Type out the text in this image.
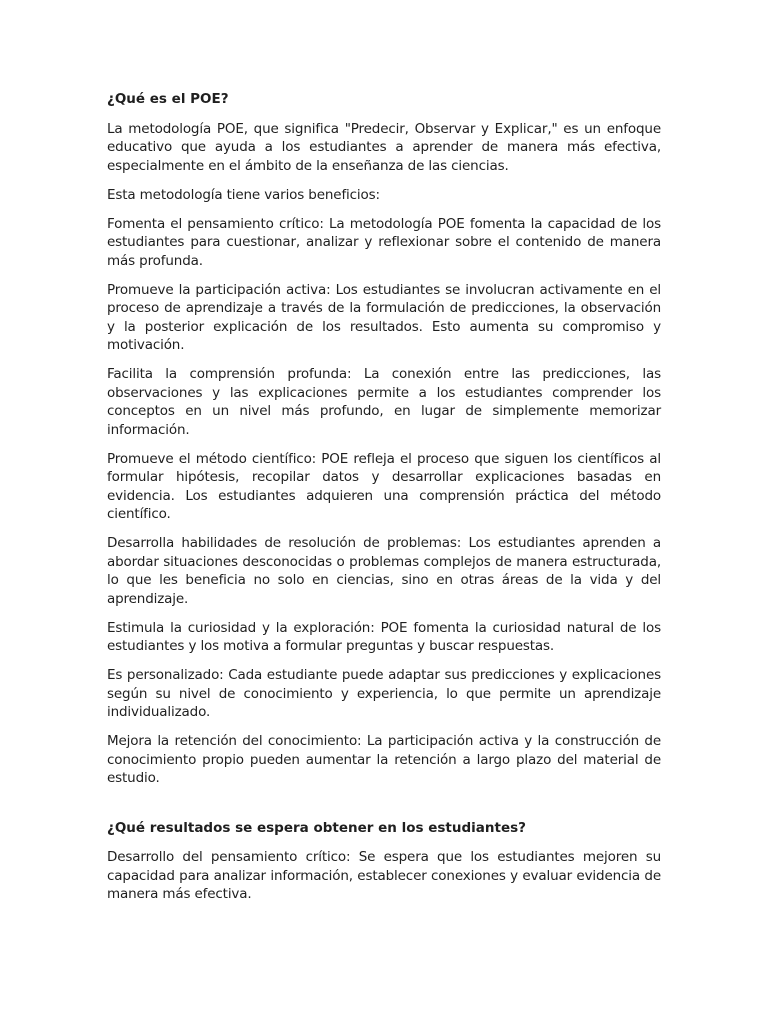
¿Qué es el POE?

La metodología POE, que significa "Predecir, Observar y Explicar," es un enfoque educativo que ayuda a los estudiantes a aprender de manera más efectiva, especialmente en el ámbito de la enseñanza de las ciencias.

Esta metodología tiene varios beneficios:

Fomenta el pensamiento crítico: La metodología POE fomenta la capacidad de los estudiantes para cuestionar, analizar y reflexionar sobre el contenido de manera más profunda.

Promueve la participación activa: Los estudiantes se involucran activamente en el proceso de aprendizaje a través de la formulación de predicciones, la observación y la posterior explicación de los resultados. Esto aumenta su compromiso y motivación.

Facilita la comprensión profunda: La conexión entre las predicciones, las observaciones y las explicaciones permite a los estudiantes comprender los conceptos en un nivel más profundo, en lugar de simplemente memorizar información.

Promueve el método científico: POE refleja el proceso que siguen los científicos al formular hipótesis, recopilar datos y desarrollar explicaciones basadas en evidencia. Los estudiantes adquieren una comprensión práctica del método científico.

Desarrolla habilidades de resolución de problemas: Los estudiantes aprenden a abordar situaciones desconocidas o problemas complejos de manera estructurada, lo que les beneficia no solo en ciencias, sino en otras áreas de la vida y del aprendizaje.

Estimula la curiosidad y la exploración: POE fomenta la curiosidad natural de los estudiantes y los motiva a formular preguntas y buscar respuestas.

Es personalizado: Cada estudiante puede adaptar sus predicciones y explicaciones según su nivel de conocimiento y experiencia, lo que permite un aprendizaje individualizado.

Mejora la retención del conocimiento: La participación activa y la construcción de conocimiento propio pueden aumentar la retención a largo plazo del material de estudio.

¿Qué resultados se espera obtener en los estudiantes?

Desarrollo del pensamiento crítico: Se espera que los estudiantes mejoren su capacidad para analizar información, establecer conexiones y evaluar evidencia de manera más efectiva.
